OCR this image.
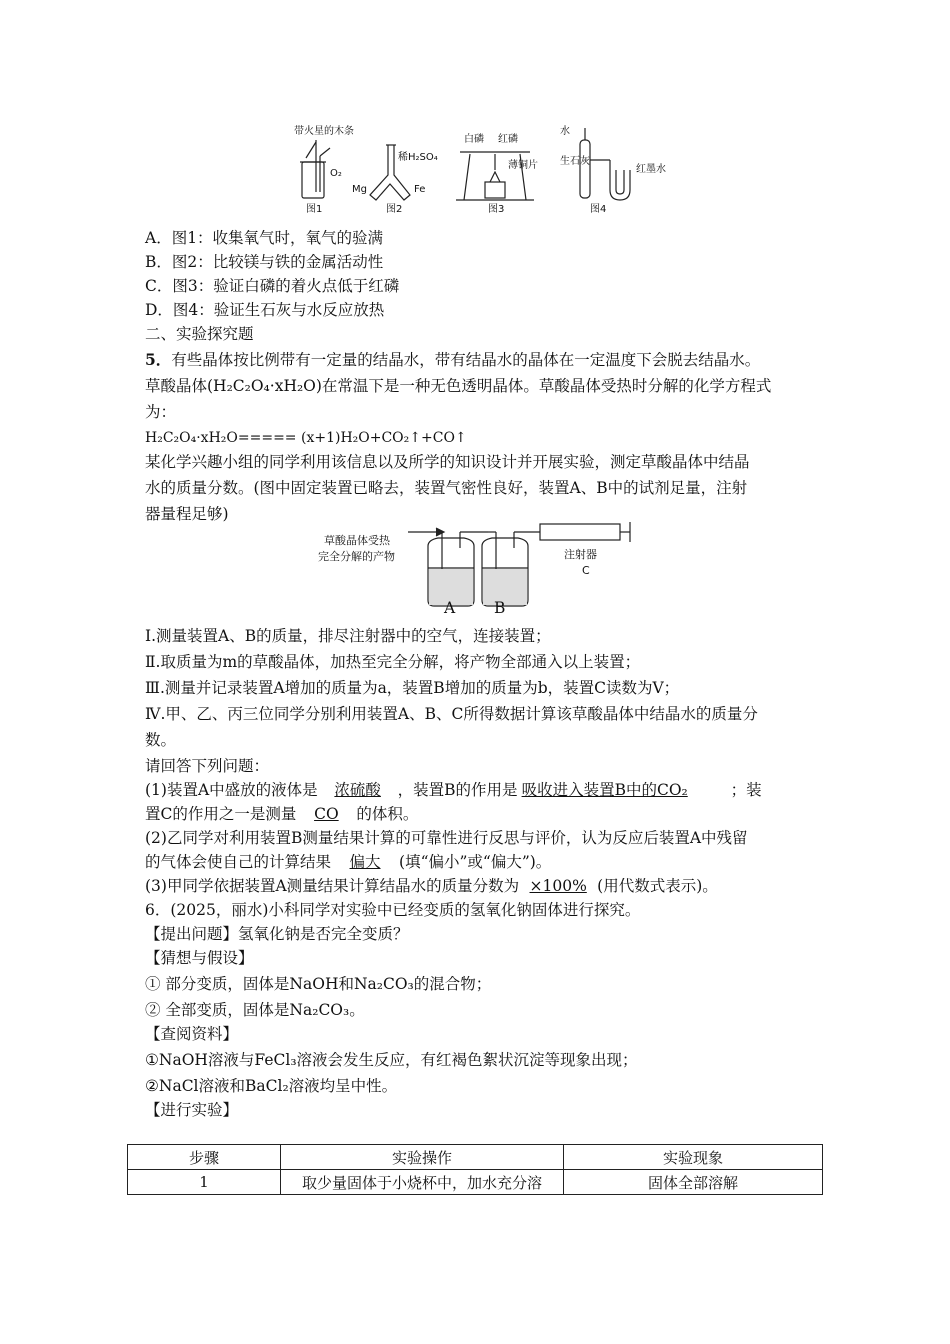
带火星的木条
O₂
图1
稀H₂SO₄
Mg	Fe
图2
白磷 红磷
薄铜片
图3
水
生石灰
红墨水
图4
A．图1：收集氧气时，氧气的验满
B．图2：比较镁与铁的金属活动性
C．图3：验证白磷的着火点低于红磷
D．图4：验证生石灰与水反应放热
二、实验探究题
5．有些晶体按比例带有一定量的结晶水，带有结晶水的晶体在一定温度下会脱去结晶水。
草酸晶体(H₂C₂O₄·xH₂O)在常温下是一种无色透明晶体。草酸晶体受热时分解的化学方程式
为：
H₂C₂O₄·xH₂O===== (x+1)H₂O+CO₂↑+CO↑
某化学兴趣小组的同学利用该信息以及所学的知识设计并开展实验，测定草酸晶体中结晶
水的质量分数。(图中固定装置已略去，装置气密性良好，装置A、B中的试剂足量，注射
器量程足够)
草酸晶体受热
完全分解的产物	注射器
C
A	B
Ⅰ.测量装置A、B的质量，排尽注射器中的空气，连接装置；
Ⅱ.取质量为m的草酸晶体，加热至完全分解，将产物全部通入以上装置；
Ⅲ.测量并记录装置A增加的质量为a，装置B增加的质量为b，装置C读数为V；
Ⅳ.甲、乙、丙三位同学分别利用装置A、B、C所得数据计算该草酸晶体中结晶水的质量分
数。
请回答下列问题：
(1)装置A中盛放的液体是 浓硫酸 ，装置B的作用是 吸收进入装置B中的CO₂	；装
置C的作用之一是测量 CO 的体积。
(2)乙同学对利用装置B测量结果计算的可靠性进行反思与评价，认为反应后装置A中残留
的气体会使自己的计算结果 偏大 (填“偏小”或“偏大”)。
(3)甲同学依据装置A测量结果计算结晶水的质量分数为 ×100% (用代数式表示)。
6．(2025，丽水)小科同学对实验中已经变质的氢氧化钠固体进行探究。
【提出问题】氢氧化钠是否完全变质？
【猜想与假设】
① 部分变质，固体是NaOH和Na₂CO₃的混合物；
② 全部变质，固体是Na₂CO₃。
【查阅资料】
①NaOH溶液与FeCl₃溶液会发生反应，有红褐色絮状沉淀等现象出现；
②NaCl溶液和BaCl₂溶液均呈中性。
【进行实验】
步骤	实验操作	实验现象
1	取少量固体于小烧杯中，加水充分溶	固体全部溶解
